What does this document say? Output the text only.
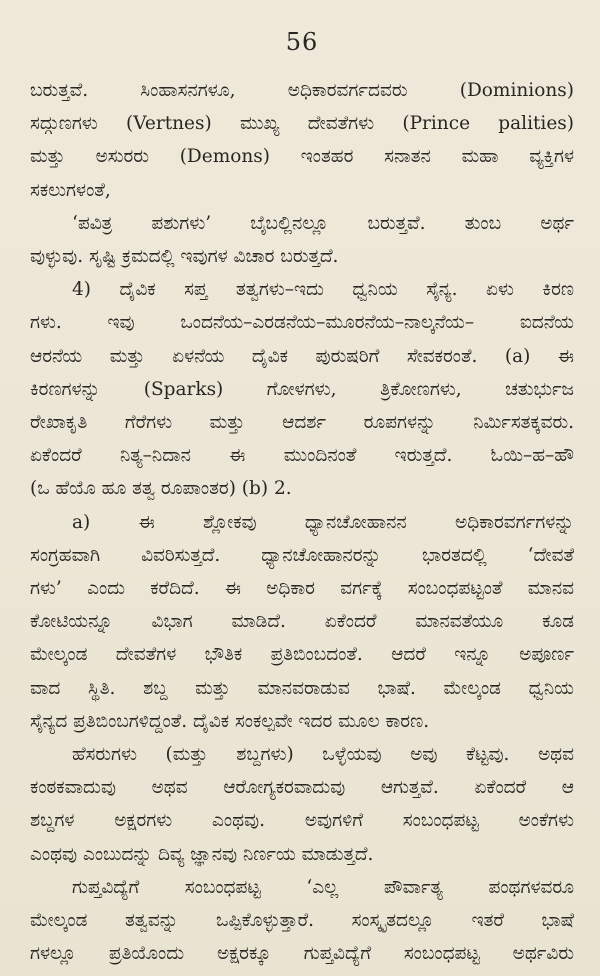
56
ಬರುತ್ತವೆ. ಸಿಂಹಾಸನಗಳೂ, ಅಧಿಕಾರವರ್ಗದವರು (Dominions)
ಸದ್ಗುಣಗಳು (Vertnes) ಮುಖ್ಯ ದೇವತೆಗಳು (Prince palities)
ಮತ್ತು ಅಸುರರು (Demons) ಇಂತಹರ ಸನಾತನ ಮಹಾ ವ್ಯಕ್ತಿಗಳ
ಸಕಲುಗಳಂತೆ,
‘ಪವಿತ್ರ ಪಶುಗಳು’ ಬೈಬಲ್ಲಿನಲ್ಲೂ ಬರುತ್ತವೆ. ತುಂಬ ಅರ್ಥ
ವುಳ್ಳುವು. ಸೃಷ್ಟಿ ಕ್ರಮದಲ್ಲಿ ಇವುಗಳ ವಿಚಾರ ಬರುತ್ತದೆ.
4) ದೈವಿಕ ಸಪ್ತ ತತ್ವಗಳು–ಇದು ಧ್ವನಿಯ ಸೈನ್ಯ. ಏಳು ಕಿರಣ
ಗಳು. ಇವು ಒಂದನೆಯ–ಎರಡನೆಯ–ಮೂರನೆಯ–ನಾಲ್ಕನೆಯ– ಐದನೆಯ
ಆರನೆಯ ಮತ್ತು ಏಳನೆಯ ದೈವಿಕ ಪುರುಷರಿಗೆ ಸೇವಕರಂತೆ. (a) ಈ
ಕಿರಣಗಳನ್ನು (Sparks) ಗೋಳಗಳು, ತ್ರಿಕೋಣಗಳು, ಚತುರ್ಭುಜ
ರೇಖಾಕೃತಿ ಗೆರೆಗಳು ಮತ್ತು ಆದರ್ಶ ರೂಪಗಳನ್ನು ನಿರ್ಮಿಸತಕ್ಕವರು.
ಏಕೆಂದರೆ ನಿತ್ಯ–ನಿದಾನ ಈ ಮುಂದಿನಂತೆ ಇರುತ್ತದೆ. ಓಯಿ–ಹ–ಹೌ
(ಒ ಹೆಯೊ ಹೂ ತತ್ವ ರೂಪಾಂತರ) (b) 2.
a) ಈ ಶ್ಲೋಕವು ಧ್ಯಾನಚೋಹಾನನ ಅಧಿಕಾರವರ್ಗಗಳನ್ನು
ಸಂಗ್ರಹವಾಗಿ ವಿವರಿಸುತ್ತದೆ. ಧ್ಯಾನಚೋಹಾನರನ್ನು ಭಾರತದಲ್ಲಿ ‘ದೇವತೆ
ಗಳು’ ಎಂದು ಕರೆದಿದೆ. ಈ ಅಧಿಕಾರ ವರ್ಗಕ್ಕೆ ಸಂಬಂಧಪಟ್ಟಂತೆ ಮಾನವ
ಕೋಟಿಯನ್ನೂ ವಿಭಾಗ ಮಾಡಿದೆ. ಏಕೆಂದರೆ ಮಾನವತೆಯೂ ಕೂಡ
ಮೇಲ್ಕಂಡ ದೇವತೆಗಳ ಭೌತಿಕ ಪ್ರತಿಬಿಂಬದಂತೆ. ಆದರೆ ಇನ್ನೂ ಅಪೂರ್ಣ
ವಾದ ಸ್ಥಿತಿ. ಶಬ್ದ ಮತ್ತು ಮಾನವರಾಡುವ ಭಾಷೆ. ಮೇಲ್ಕಂಡ ಧ್ವನಿಯ
ಸೈನ್ಯದ ಪ್ರತಿಬಿಂಬಗಳಿದ್ದಂತೆ. ದೈವಿಕ ಸಂಕಲ್ಪವೇ ಇದರ ಮೂಲ ಕಾರಣ.
ಹೆಸರುಗಳು (ಮತ್ತು ಶಬ್ದಗಳು) ಒಳ್ಳೆಯವು ಅವು ಕೆಟ್ಟವು. ಅಥವ
ಕಂಠಕವಾದುವು ಅಥವ ಆರೋಗ್ಯಕರವಾದುವು ಆಗುತ್ತವೆ. ಏಕೆಂದರೆ ಆ
ಶಬ್ದಗಳ ಅಕ್ಷರಗಳು ಎಂಥವು. ಅವುಗಳಿಗೆ ಸಂಬಂಧಪಟ್ಟ ಅಂಕೆಗಳು
ಎಂಥವು ಎಂಬುದನ್ನು ದಿವ್ಯ ಜ್ಞಾನವು ನಿರ್ಣಯ ಮಾಡುತ್ತದೆ.
ಗುಪ್ತವಿದ್ಯೆಗೆ ಸಂಬಂಧಪಟ್ಟ ‘ಎಲ್ಲ ಪೌರ್ವಾತ್ಯ ಪಂಥಗಳವರೂ
ಮೇಲ್ಕಂಡ ತತ್ವವನ್ನು ಒಪ್ಪಿಕೊಳ್ಳುತ್ತಾರೆ. ಸಂಸ್ಕೃತದಲ್ಲೂ ಇತರೆ ಭಾಷೆ
ಗಳಲ್ಲೂ ಪ್ರತಿಯೊಂದು ಅಕ್ಷರಕ್ಕೂ ಗುಪ್ತವಿದ್ಯೆಗೆ ಸಂಬಂಧಪಟ್ಟ ಅರ್ಥವಿರು
